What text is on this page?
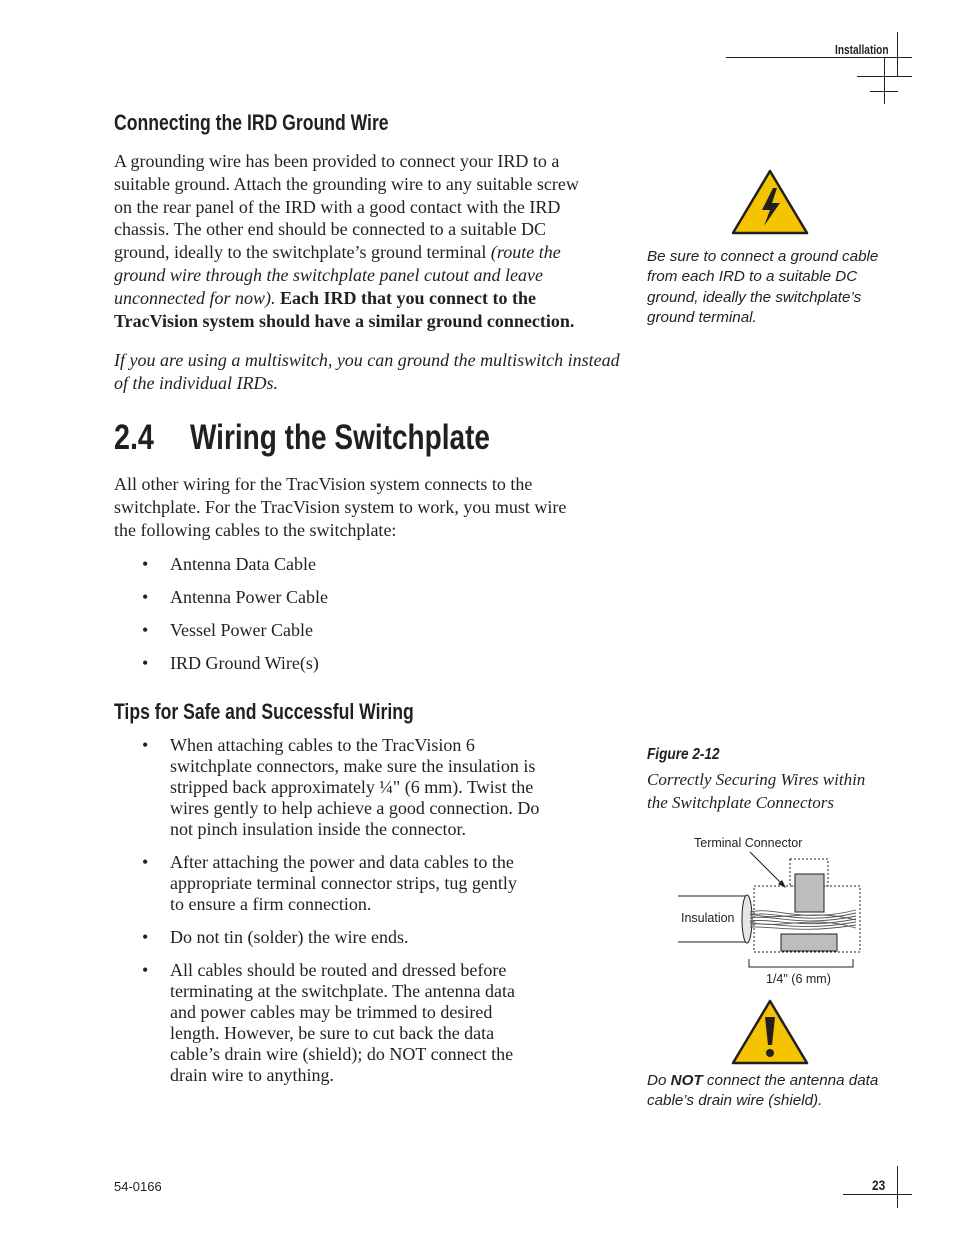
Installation
Connecting the IRD Ground Wire

A grounding wire has been provided to connect your IRD to a

suitable ground. Attach the grounding wire to any suitable screw

on the rear panel of the IRD with a good contact with the IRD

chassis. The other end should be connected to a suitable DC

ground, ideally to the switchplate’s ground terminal (route the

ground wire through the switchplate panel cutout and leave

unconnected for now). Each IRD that you connect to the

TracVision system should have a similar ground connection.

If you are using a multiswitch, you can ground the multiswitch instead

of the individual IRDs.

Be sure to connect a ground cable
from each IRD to a suitable DC
ground, ideally the switchplate’s
ground terminal.
2.4 Wiring the Switchplate

All other wiring for the TracVision system connects to the

switchplate. For the TracVision system to work, you must wire

the following cables to the switchplate:

• Antenna Data Cable
• Antenna Power Cable
• Vessel Power Cable
• IRD Ground Wire(s)
Tips for Safe and Successful Wiring
• When attaching cables to the TracVision 6
switchplate connectors, make sure the insulation is
stripped back approximately ¼" (6 mm). Twist the
wires gently to help achieve a good connection. Do
not pinch insulation inside the connector.
• After attaching the power and data cables to the
appropriate terminal connector strips, tug gently
to ensure a firm connection.
• Do not tin (solder) the wire ends.
• All cables should be routed and dressed before
terminating at the switchplate. The antenna data
and power cables may be trimmed to desired
length. However, be sure to cut back the data
cable’s drain wire (shield); do NOT connect the
drain wire to anything.
Figure 2-12
Correctly Securing Wires within
the Switchplate Connectors
Terminal Connector
Insulation
1/4" (6 mm)
Do NOT connect the antenna data
cable’s drain wire (shield).
54-0166	23
